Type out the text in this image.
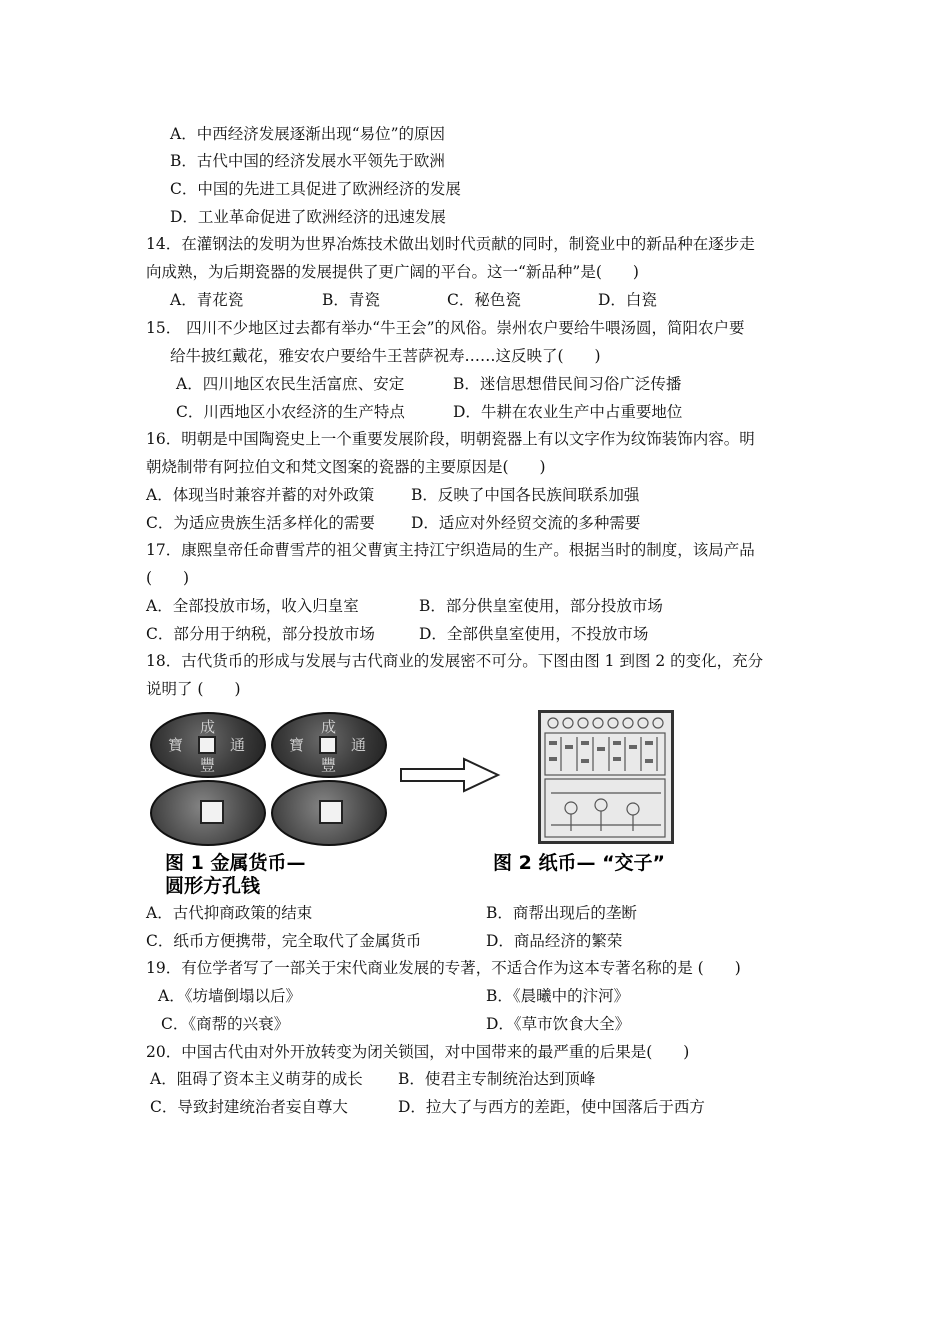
A．中西经济发展逐渐出现“易位”的原因
B．古代中国的经济发展水平领先于欧洲
C．中国的先进工具促进了欧洲经济的发展
D．工业革命促进了欧洲经济的迅速发展
14．在灌钢法的发明为世界冶炼技术做出划时代贡献的同时，制瓷业中的新品种在逐步走
向成熟，为后期瓷器的发展提供了更广阔的平台。这一“新品种”是(　　)
A．青花瓷	B．青瓷	C．秘色瓷	D．白瓷
15． 四川不少地区过去都有举办“牛王会”的风俗。崇州农户要给牛喂汤圆，简阳农户要
给牛披红戴花，雅安农户要给牛王菩萨祝寿……这反映了(　　)
A．四川地区农民生活富庶、安定	B．迷信思想借民间习俗广泛传播
C．川西地区小农经济的生产特点	D．牛耕在农业生产中占重要地位
16．明朝是中国陶瓷史上一个重要发展阶段，明朝瓷器上有以文字作为纹饰装饰内容。明
朝烧制带有阿拉伯文和梵文图案的瓷器的主要原因是(　　)
A．体现当时兼容并蓄的对外政策 B．反映了中国各民族间联系加强
C．为适应贵族生活多样化的需要 D．适应对外经贸交流的多种需要
17．康熙皇帝任命曹雪芹的祖父曹寅主持江宁织造局的生产。根据当时的制度，该局产品
(　　)
A．全部投放市场，收入归皇室	B．部分供皇室使用，部分投放市场
C．部分用于纳税，部分投放市场	D．全部供皇室使用，不投放市场
18．古代货币的形成与发展与古代商业的发展密不可分。下图由图 1 到图 2 的变化，充分
说明了 (　　)
成
通
寶
豐
成
通
寶
豐
图 1 金属货币—
圆形方孔钱
图 2 纸币— “交子”
A．古代抑商政策的结束	B．商帮出现后的垄断
C．纸币方便携带，完全取代了金属货币	D．商品经济的繁荣
19．有位学者写了一部关于宋代商业发展的专著，不适合作为这本专著名称的是 (　　)
A．《坊墙倒塌以后》	B．《晨曦中的汴河》
C．《商帮的兴衰》	D．《草市饮食大全》
20．中国古代由对外开放转变为闭关锁国，对中国带来的最严重的后果是(　　)
A．阻碍了资本主义萌芽的成长 B．使君主专制统治达到顶峰
C．导致封建统治者妄自尊大	D．拉大了与西方的差距，使中国落后于西方
